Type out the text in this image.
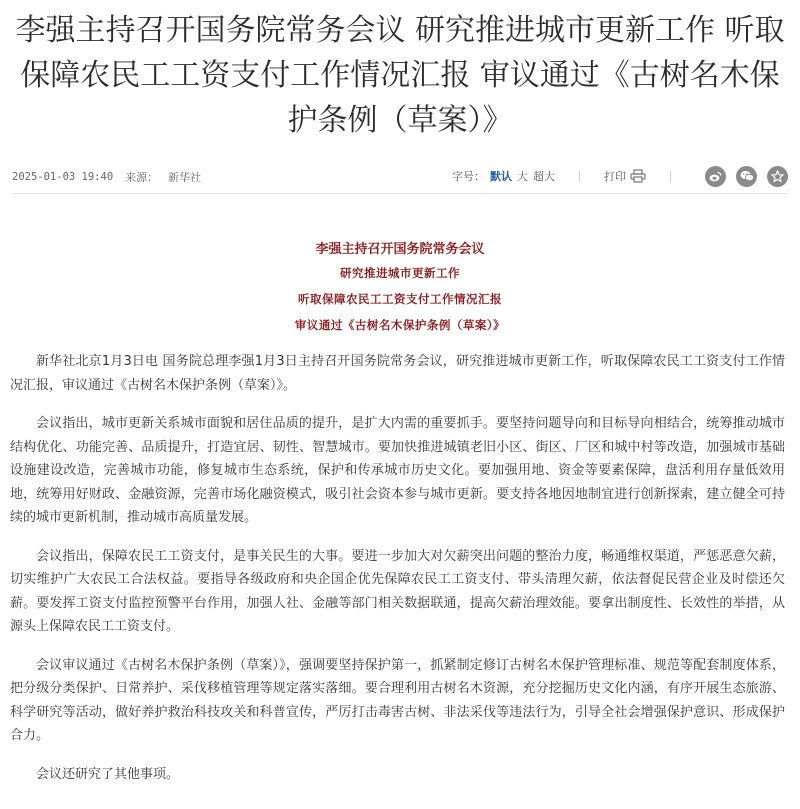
李强主持召开国务院常务会议 研究推进城市更新工作 听取保障农民工工资支付工作情况汇报 审议通过《古树名木保护条例（草案）》
2025-01-03 19:40 来源： 新华社	字号： 默认 大 超大	打印
李强主持召开国务院常务会议
研究推进城市更新工作
听取保障农民工工资支付工作情况汇报
审议通过《古树名木保护条例（草案）》

新华社北京1月3日电 国务院总理李强1月3日主持召开国务院常务会议，研究推进城市更新工作，听取保障农民工工资支付工作情况汇报，审议通过《古树名木保护条例（草案）》。

会议指出，城市更新关系城市面貌和居住品质的提升，是扩大内需的重要抓手。要坚持问题导向和目标导向相结合，统筹推动城市结构优化、功能完善、品质提升，打造宜居、韧性、智慧城市。要加快推进城镇老旧小区、街区、厂区和城中村等改造，加强城市基础设施建设改造，完善城市功能，修复城市生态系统，保护和传承城市历史文化。要加强用地、资金等要素保障，盘活利用存量低效用地，统筹用好财政、金融资源，完善市场化融资模式，吸引社会资本参与城市更新。要支持各地因地制宜进行创新探索，建立健全可持续的城市更新机制，推动城市高质量发展。

会议指出，保障农民工工资支付，是事关民生的大事。要进一步加大对欠薪突出问题的整治力度，畅通维权渠道，严惩恶意欠薪，切实维护广大农民工合法权益。要指导各级政府和央企国企优先保障农民工工资支付、带头清理欠薪，依法督促民营企业及时偿还欠薪。要发挥工资支付监控预警平台作用，加强人社、金融等部门相关数据联通，提高欠薪治理效能。要拿出制度性、长效性的举措，从源头上保障农民工工资支付。

会议审议通过《古树名木保护条例（草案）》，强调要坚持保护第一，抓紧制定修订古树名木保护管理标准、规范等配套制度体系，把分级分类保护、日常养护、采伐移植管理等规定落实落细。要合理利用古树名木资源，充分挖掘历史文化内涵，有序开展生态旅游、科学研究等活动，做好养护救治科技攻关和科普宣传，严厉打击毒害古树、非法采伐等违法行为，引导全社会增强保护意识、形成保护合力。

会议还研究了其他事项。
